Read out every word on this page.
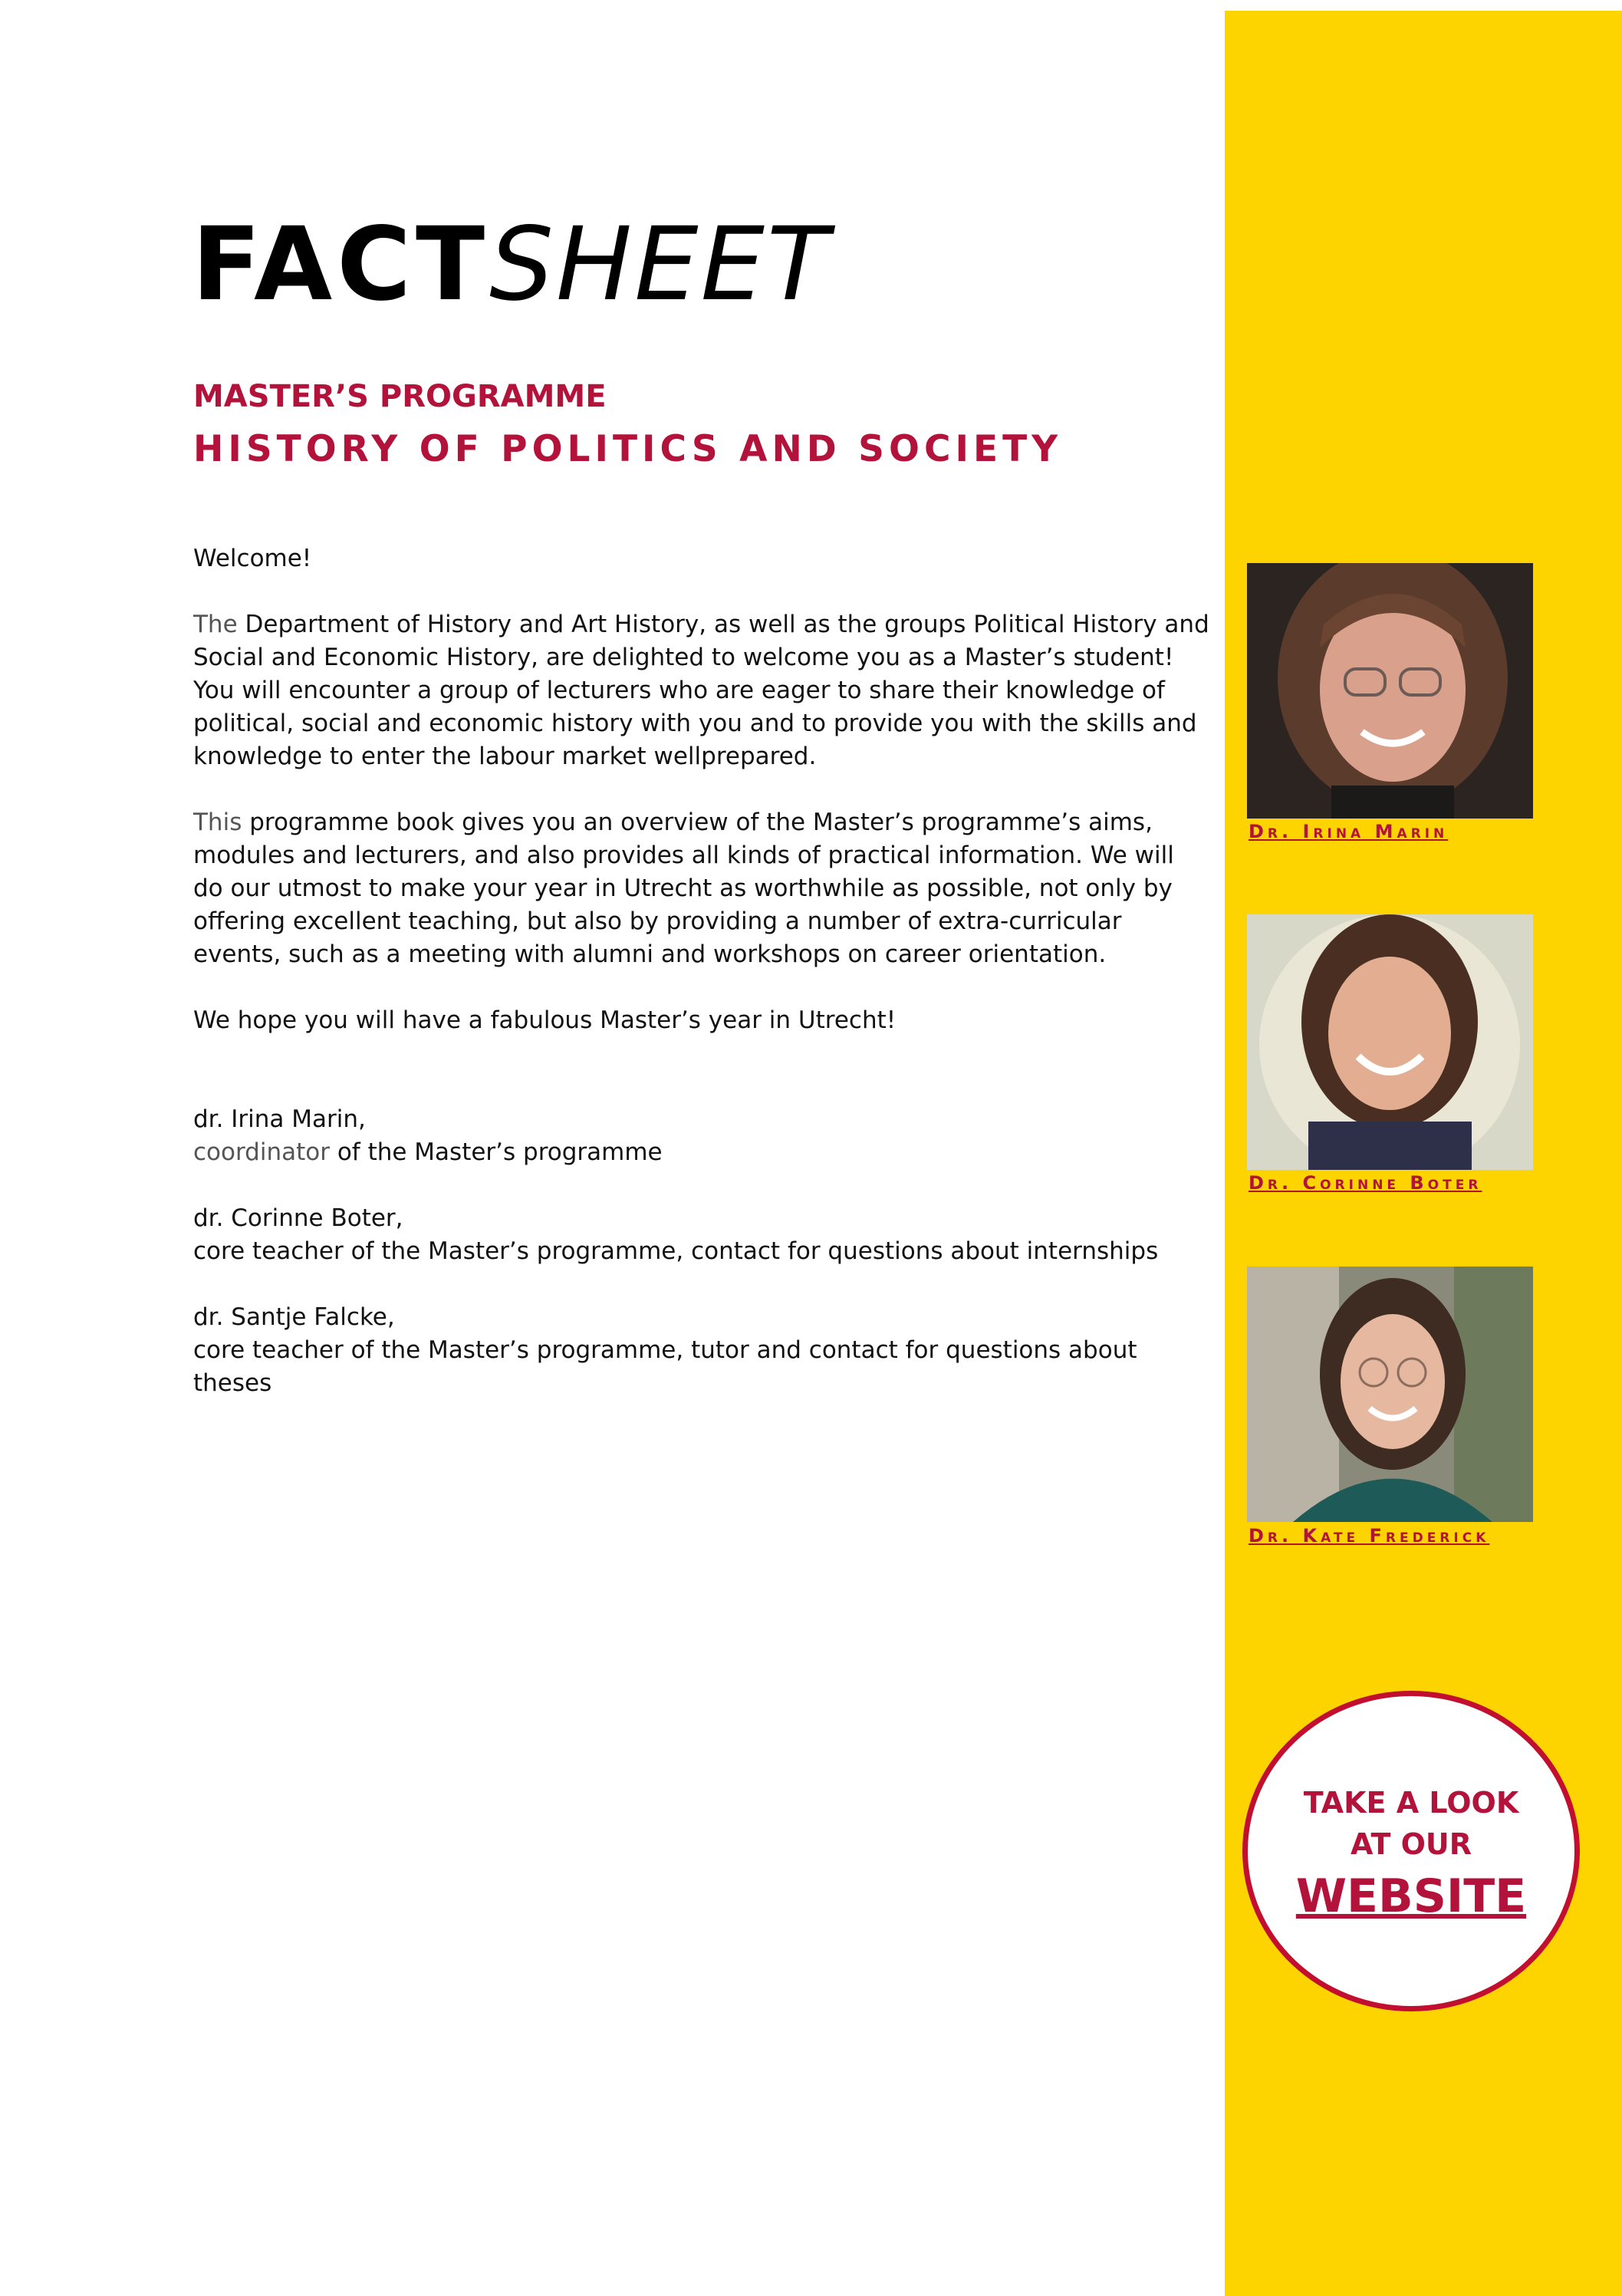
FACTSHEET
MASTER’S PROGRAMME
HISTORY OF POLITICS AND SOCIETY

Welcome!

The Department of History and Art History, as well as the groups Political History and Social and Economic History, are delighted to welcome you as a Master’s student! You will encounter a group of lecturers who are eager to share their knowledge of political, social and economic history with you and to provide you with the skills and knowledge to enter the labour market wellprepared.

This programme book gives you an overview of the Master’s programme’s aims, modules and lecturers, and also provides all kinds of practical information. We will do our utmost to make your year in Utrecht as worthwhile as possible, not only by offering excellent teaching, but also by providing a number of extra-curricular events, such as a meeting with alumni and workshops on career orientation.

We hope you will have a fabulous Master’s year in Utrecht!

dr. Irina Marin,
coordinator of the Master’s programme

dr. Corinne Boter,
core teacher of the Master’s programme, contact for questions about internships

dr. Santje Falcke,
core teacher of the Master’s programme, tutor and contact for questions about theses

Dr. Irina Marin
Dr. Corinne Boter
Dr. Kate Frederick
TAKE A LOOK
AT OUR
WEBSITE
